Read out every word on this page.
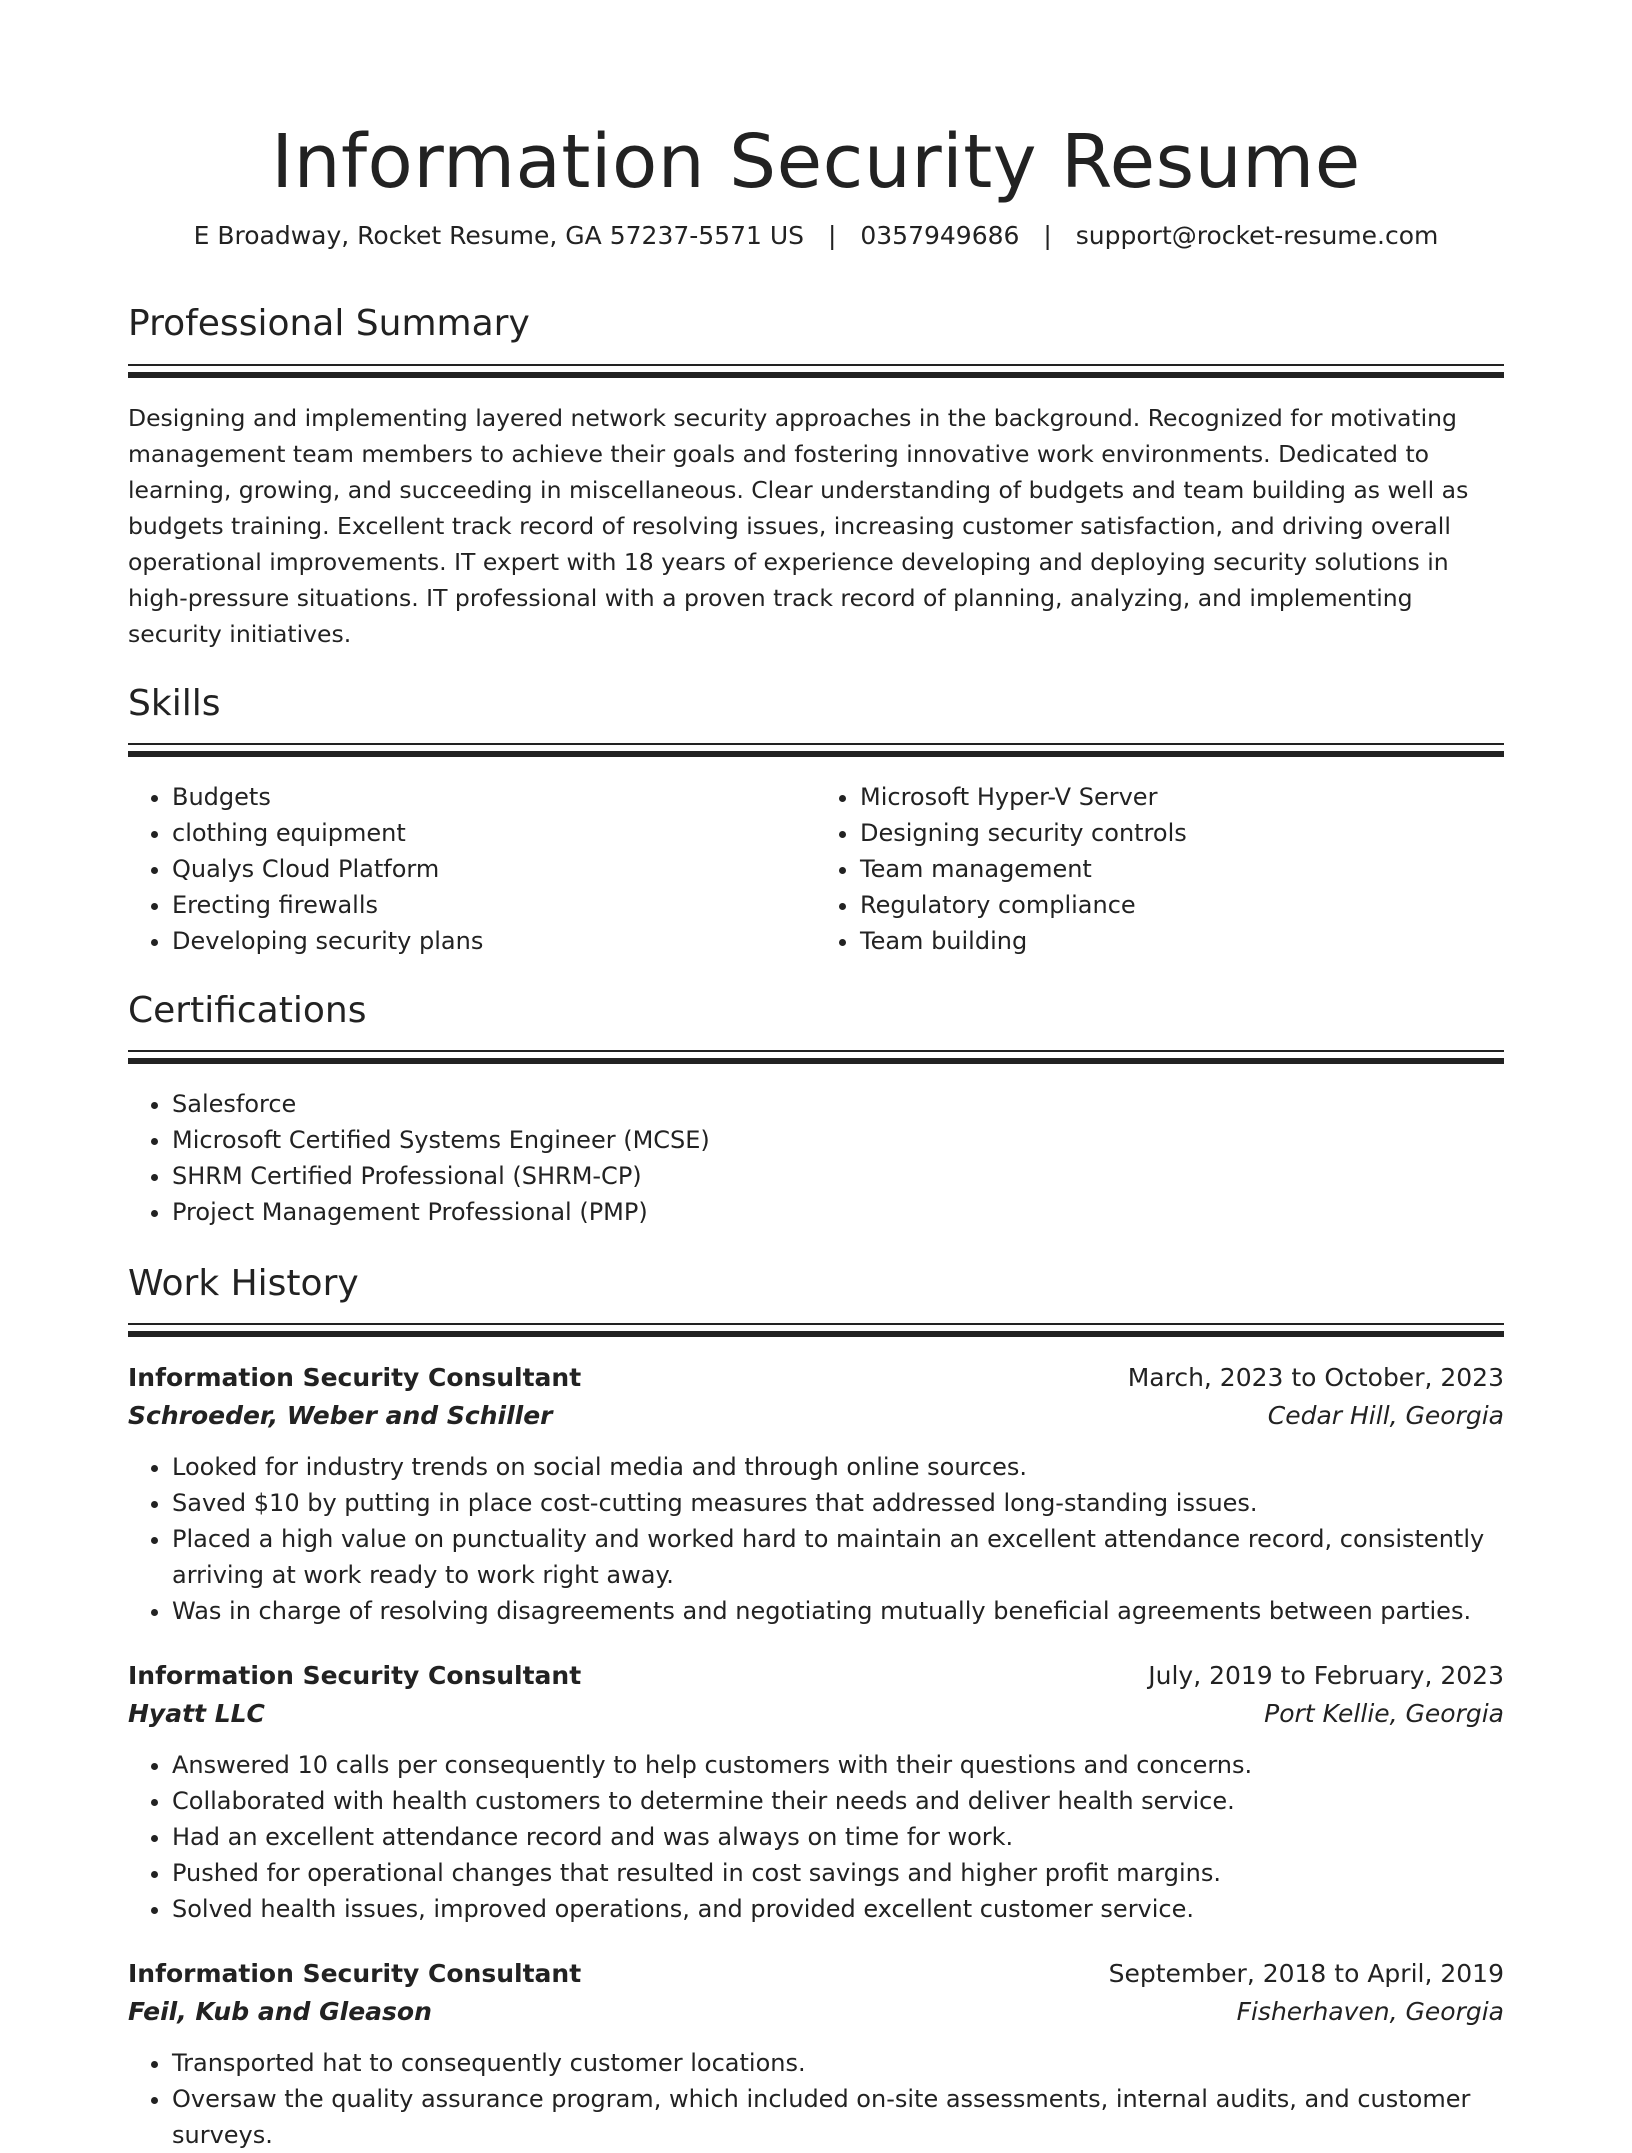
Information Security Resume
E Broadway, Rocket Resume, GA 57237-5571 US | 0357949686 | support@rocket-resume.com
Professional Summary

Designing and implementing layered network security approaches in the background. Recognized for motivating management team members to achieve their goals and fostering innovative work environments. Dedicated to learning, growing, and succeeding in miscellaneous. Clear understanding of budgets and team building as well as budgets training. Excellent track record of resolving issues, increasing customer satisfaction, and driving overall operational improvements. IT expert with 18 years of experience developing and deploying security solutions in high-pressure situations. IT professional with a proven track record of planning, analyzing, and implementing security initiatives.

Skills
• Budgets
• clothing equipment
• Qualys Cloud Platform
• Erecting firewalls
• Developing security plans
• Microsoft Hyper-V Server
• Designing security controls
• Team management
• Regulatory compliance
• Team building
Certifications
• Salesforce
• Microsoft Certified Systems Engineer (MCSE)
• SHRM Certified Professional (SHRM-CP)
• Project Management Professional (PMP)
Work History
Information Security Consultant	March, 2023 to October, 2023
Schroeder, Weber and Schiller	Cedar Hill, Georgia
• Looked for industry trends on social media and through online sources.
• Saved $10 by putting in place cost-cutting measures that addressed long-standing issues.
• Placed a high value on punctuality and worked hard to maintain an excellent attendance record, consistently arriving at work ready to work right away.
• Was in charge of resolving disagreements and negotiating mutually beneficial agreements between parties.
Information Security Consultant	July, 2019 to February, 2023
Hyatt LLC	Port Kellie, Georgia
• Answered 10 calls per consequently to help customers with their questions and concerns.
• Collaborated with health customers to determine their needs and deliver health service.
• Had an excellent attendance record and was always on time for work.
• Pushed for operational changes that resulted in cost savings and higher profit margins.
• Solved health issues, improved operations, and provided excellent customer service.
Information Security Consultant	September, 2018 to April, 2019
Feil, Kub and Gleason	Fisherhaven, Georgia
• Transported hat to consequently customer locations.
• Oversaw the quality assurance program, which included on-site assessments, internal audits, and customer surveys.
